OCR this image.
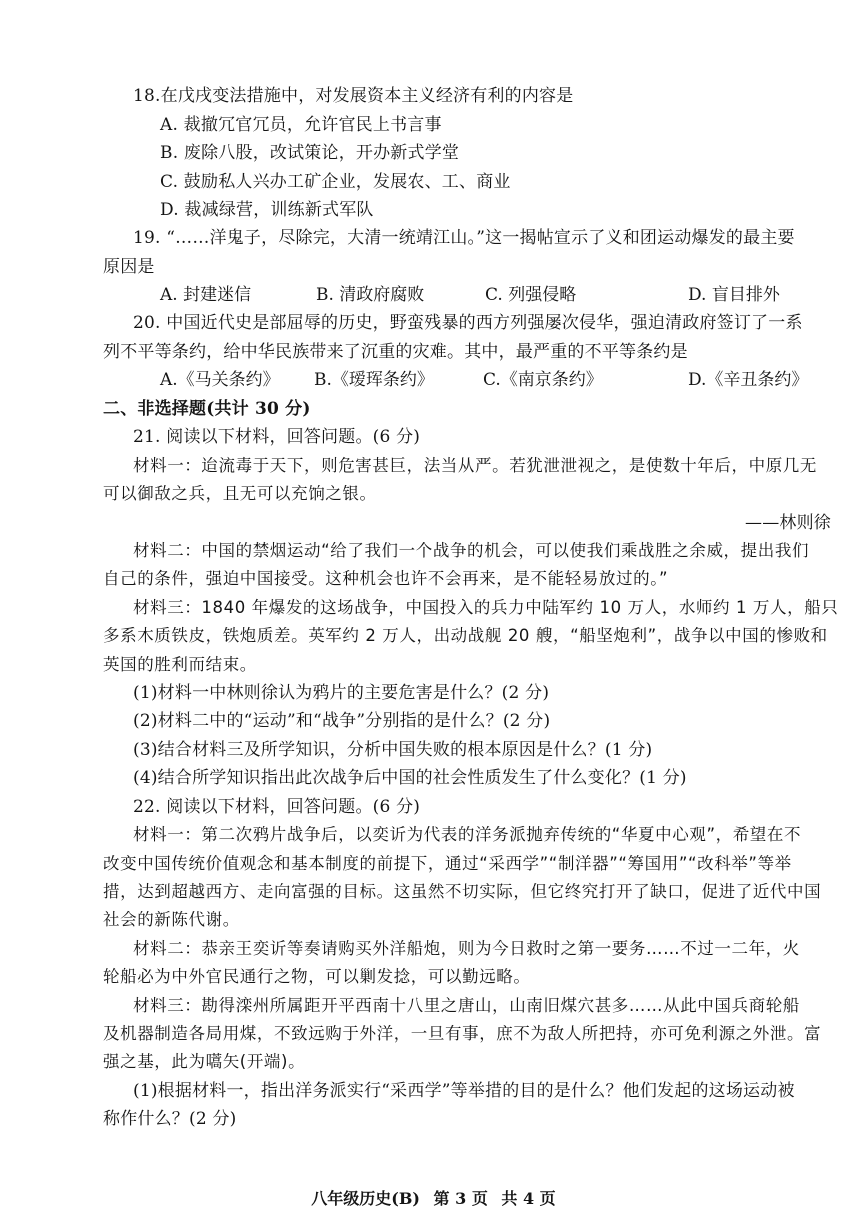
18.在戊戌变法措施中，对发展资本主义经济有利的内容是
A. 裁撤冗官冗员，允许官民上书言事
B. 废除八股，改试策论，开办新式学堂
C. 鼓励私人兴办工矿企业，发展农、工、商业
D. 裁减绿营，训练新式军队
19. “……洋鬼子，尽除完，大清一统靖江山。”这一揭帖宣示了义和团运动爆发的最主要
原因是
A. 封建迷信	B. 清政府腐败	C. 列强侵略	D. 盲目排外
20. 中国近代史是部屈辱的历史，野蛮残暴的西方列强屡次侵华，强迫清政府签订了一系
列不平等条约，给中华民族带来了沉重的灾难。其中，最严重的不平等条约是
A.《马关条约》 B.《瑷珲条约》	C.《南京条约》	D.《辛丑条约》
二、非选择题(共计 30 分)
21. 阅读以下材料，回答问题。(6 分)
材料一：迨流毒于天下，则危害甚巨，法当从严。若犹泄泄视之，是使数十年后，中原几无
可以御敌之兵，且无可以充饷之银。
——林则徐
材料二：中国的禁烟运动“给了我们一个战争的机会，可以使我们乘战胜之余威，提出我们
自己的条件，强迫中国接受。这种机会也许不会再来，是不能轻易放过的。”
材料三：1840 年爆发的这场战争，中国投入的兵力中陆军约 10 万人，水师约 1 万人，船只
多系木质铁皮，铁炮质差。英军约 2 万人，出动战舰 20 艘，“船坚炮利”，战争以中国的惨败和
英国的胜利而结束。
(1)材料一中林则徐认为鸦片的主要危害是什么？(2 分)
(2)材料二中的“运动”和“战争”分别指的是什么？(2 分)
(3)结合材料三及所学知识，分析中国失败的根本原因是什么？(1 分)
(4)结合所学知识指出此次战争后中国的社会性质发生了什么变化？(1 分)
22. 阅读以下材料，回答问题。(6 分)
材料一：第二次鸦片战争后，以奕䜣为代表的洋务派抛弃传统的“华夏中心观”，希望在不
改变中国传统价值观念和基本制度的前提下，通过“采西学”“制洋器”“筹国用”“改科举”等举
措，达到超越西方、走向富强的目标。这虽然不切实际，但它终究打开了缺口，促进了近代中国
社会的新陈代谢。
材料二：恭亲王奕䜣等奏请购买外洋船炮，则为今日救时之第一要务……不过一二年，火
轮船必为中外官民通行之物，可以剿发捻，可以勤远略。
材料三：勘得滦州所属距开平西南十八里之唐山，山南旧煤穴甚多……从此中国兵商轮船
及机器制造各局用煤，不致远购于外洋，一旦有事，庶不为敌人所把持，亦可免利源之外泄。富
强之基，此为嚆矢(开端)。
(1)根据材料一，指出洋务派实行“采西学”等举措的目的是什么？他们发起的这场运动被
称作什么？(2 分)
八年级历史(B) 第 3 页 共 4 页
